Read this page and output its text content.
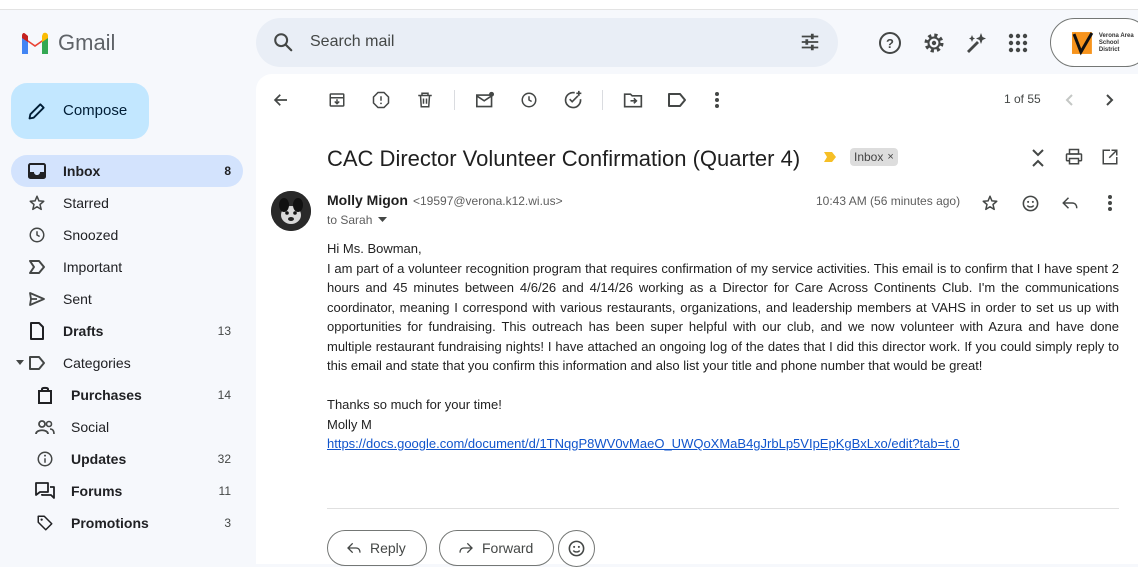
Gmail
Search mail	?
Verona Area
School District
Compose
Inbox	8
Starred
Snoozed
Important
Sent
Drafts	13
Categories
Purchases	14
Social
Updates	32
Forums	11
Promotions	3
1 of 55
CAC Director Volunteer Confirmation (Quarter 4)	Inbox ×
Molly Migon <19597@verona.k12.wi.us>
to Sarah
10:43 AM (56 minutes ago)

Hi Ms. Bowman,

I am part of a volunteer recognition program that requires confirmation of my service activities. This email is to confirm that I have spent 2 hours and 45 minutes between 4/6/26 and 4/14/26 working as a Director for Care Across Continents Club. I'm the communications coordinator, meaning I correspond with various restaurants, organizations, and leadership members at VAHS in order to set us up with opportunities for fundraising. This outreach has been super helpful with our club, and we now volunteer with Azura and have done multiple restaurant fundraising nights! I have attached an ongoing log of the dates that I did this director work. If you could simply reply to this email and state that you confirm this information and also list your title and phone number that would be great!

Thanks so much for your time!

Molly M

https://docs.google.com/document/d/1TNqgP8WV0vMaeO_UWQoXMaB4gJrbLp5VIpEpKgBxLxo/edit?tab=t.0
Reply	Forward
